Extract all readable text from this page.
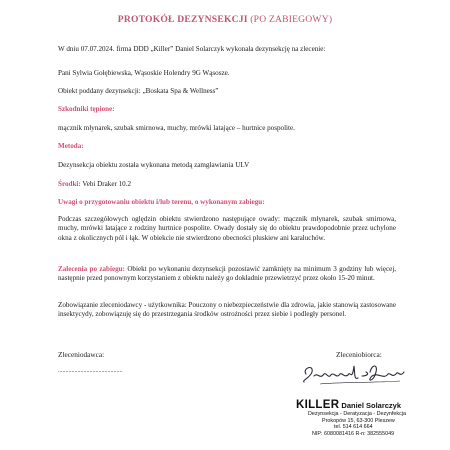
PROTOKÓŁ DEZYNSEKCJI (PO ZABIEGOWY)
W dniu 07.07.2024. firma DDD „Killer” Daniel Solarczyk wykonała dezynsekcję na zlecenie:
Pani Sylwia Gołębiewska, Wąsoskie Holendry 9G Wąsosze.
Obiekt poddany dezynsekcji: „Boskata Spa & Wellness”
Szkodniki tępione:
mącznik młynarek, szubak smirnowa, muchy, mrówki latające – hurtnice pospolite.
Metoda:
Dezynsekcja obiektu została wykonana metodą zamgławiania ULV
Środki: Vebi Draker 10.2
Uwagi o przygotowaniu obiektu i/lub terenu, o wykonanym zabiegu:
Podczas szczegółowych oględzin obiektu stwierdzono następujące owady: mącznik młynarek, szubak smirnowa, muchy, mrówki latające z rodziny hurtnice pospolite. Owady dostały się do obiektu prawdopodobnie przez uchylone okna z okolicznych pól i łąk. W obiekcie nie stwierdzono obecności pluskiew ani karaluchów.
Zalecenia po zabiegu: Obiekt po wykonaniu dezynsekcji pozostawić zamknięty na minimum 3 godziny lub więcej, następnie przed ponownym korzystaniem z obiektu należy go dokładnie przewietrzyć przez około 15-20 minut.
Zobowiązanie zleceniodawcy - użytkownika: Pouczony o niebezpieczeństwie dla zdrowia, jakie stanowią zastosowane insektycydy, zobowiązuję się do przestrzegania środków ostrożności przez siebie i podległy personel.
Zleceniodawca:
...........................................
Zleceniobiorca:
KILLER Daniel Solarczyk
Dezynsekcja - Deratyzacja - Dezynfekcja
Prokopów 15, 63-300 Pleszew
tel. 514 614 664
NIP: 6080081416 R-n: 382555049
